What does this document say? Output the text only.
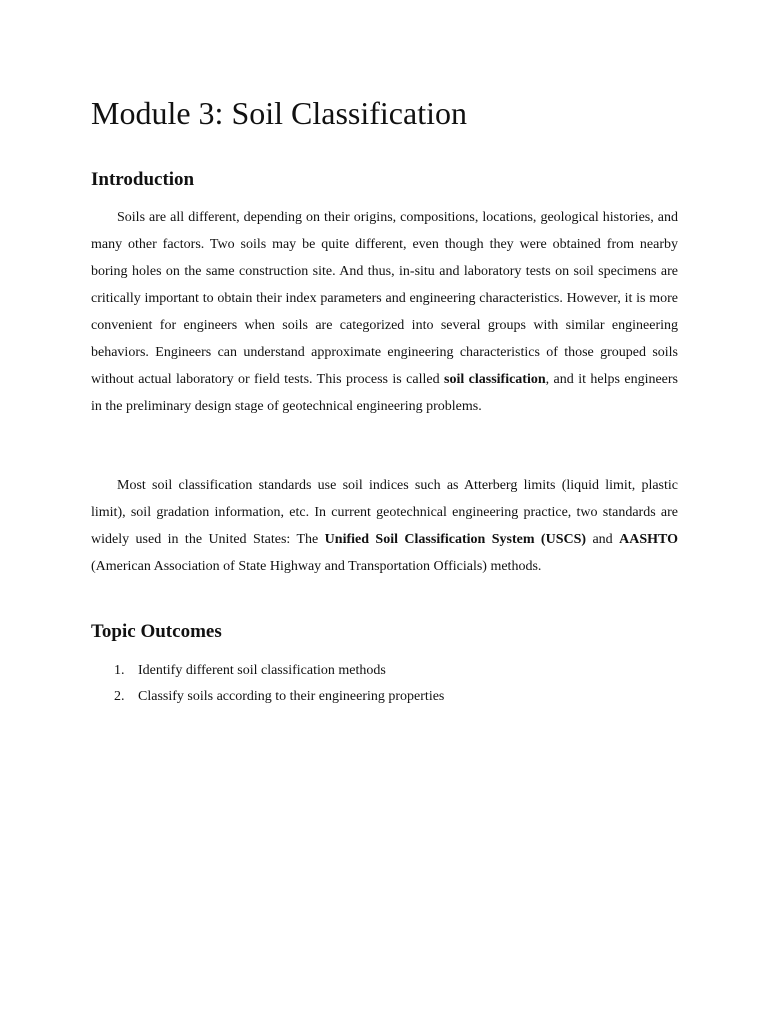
Module 3: Soil Classification
Introduction

Soils are all different, depending on their origins, compositions, locations, geological histories, and many other factors. Two soils may be quite different, even though they were obtained from nearby boring holes on the same construction site. And thus, in-situ and laboratory tests on soil specimens are critically important to obtain their index parameters and engineering characteristics. However, it is more convenient for engineers when soils are categorized into several groups with similar engineering behaviors. Engineers can understand approximate engineering characteristics of those grouped soils without actual laboratory or field tests. This process is called soil classification, and it helps engineers in the preliminary design stage of geotechnical engineering problems.

Most soil classification standards use soil indices such as Atterberg limits (liquid limit, plastic limit), soil gradation information, etc. In current geotechnical engineering practice, two standards are widely used in the United States: The Unified Soil Classification System (USCS) and AASHTO (American Association of State Highway and Transportation Officials) methods.

Topic Outcomes
1. Identify different soil classification methods
2. Classify soils according to their engineering properties
